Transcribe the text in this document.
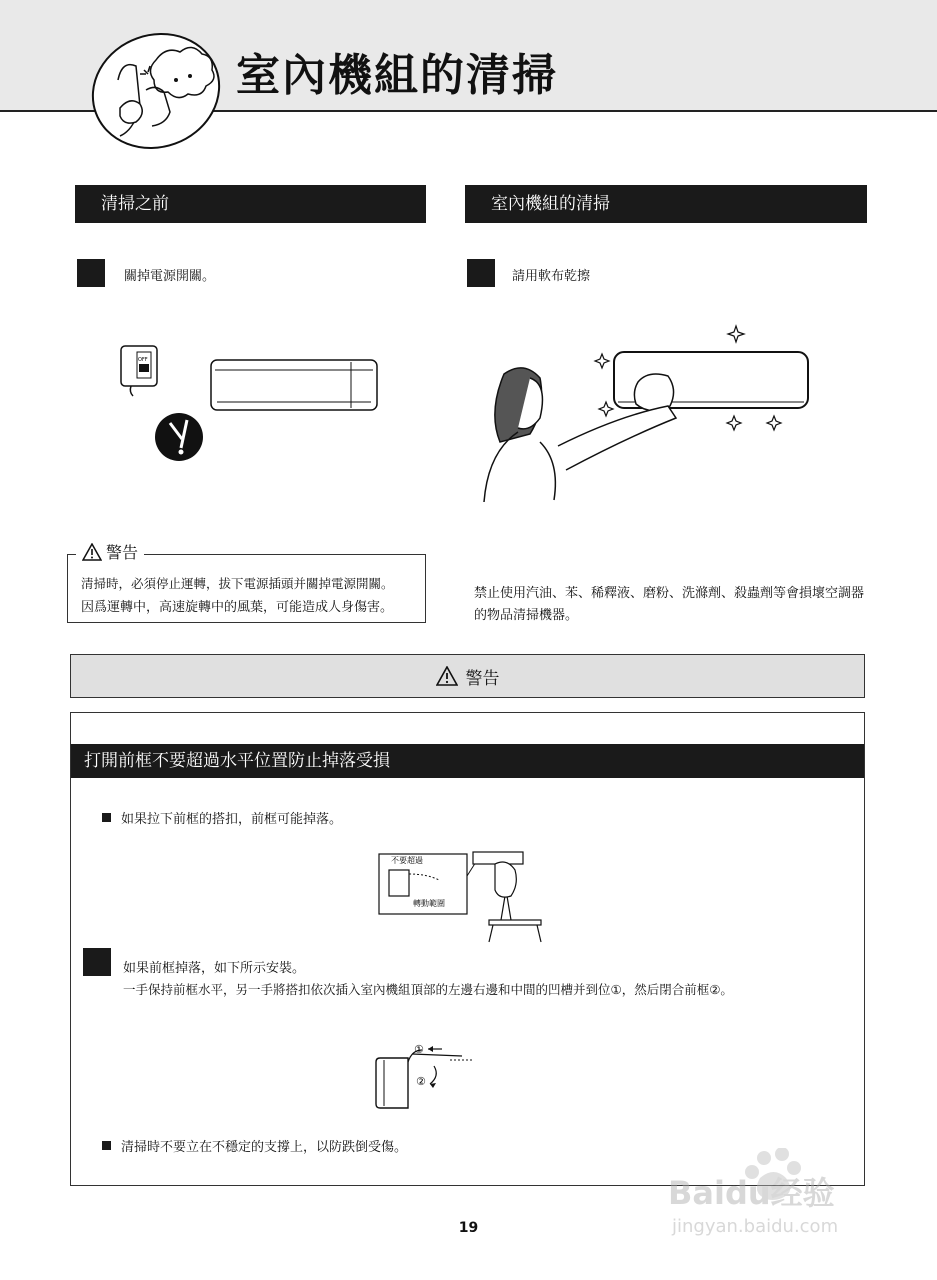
室內機組的清掃
清掃之前
關掉電源開關。
OFF
警告
清掃時，必須停止運轉，拔下電源插頭并關掉電源開關。
因爲運轉中，高速旋轉中的風葉，可能造成人身傷害。
室內機組的清掃
請用軟布乾擦
禁止使用汽油、苯、稀釋液、磨粉、洗滌劑、殺蟲劑等會損壞空調器的物品清掃機器。
警告
打開前框不要超過水平位置防止掉落受損
如果拉下前框的搭扣，前框可能掉落。
不要超過
轉動範圍
如果前框掉落，如下所示安裝。
一手保持前框水平，另一手將搭扣依次插入室內機組頂部的左邊右邊和中間的凹槽并到位①，然后閉合前框②。
①
②
清掃時不要立在不穩定的支撐上，以防跌倒受傷。
Baidu经验
jingyan.baidu.com
19
